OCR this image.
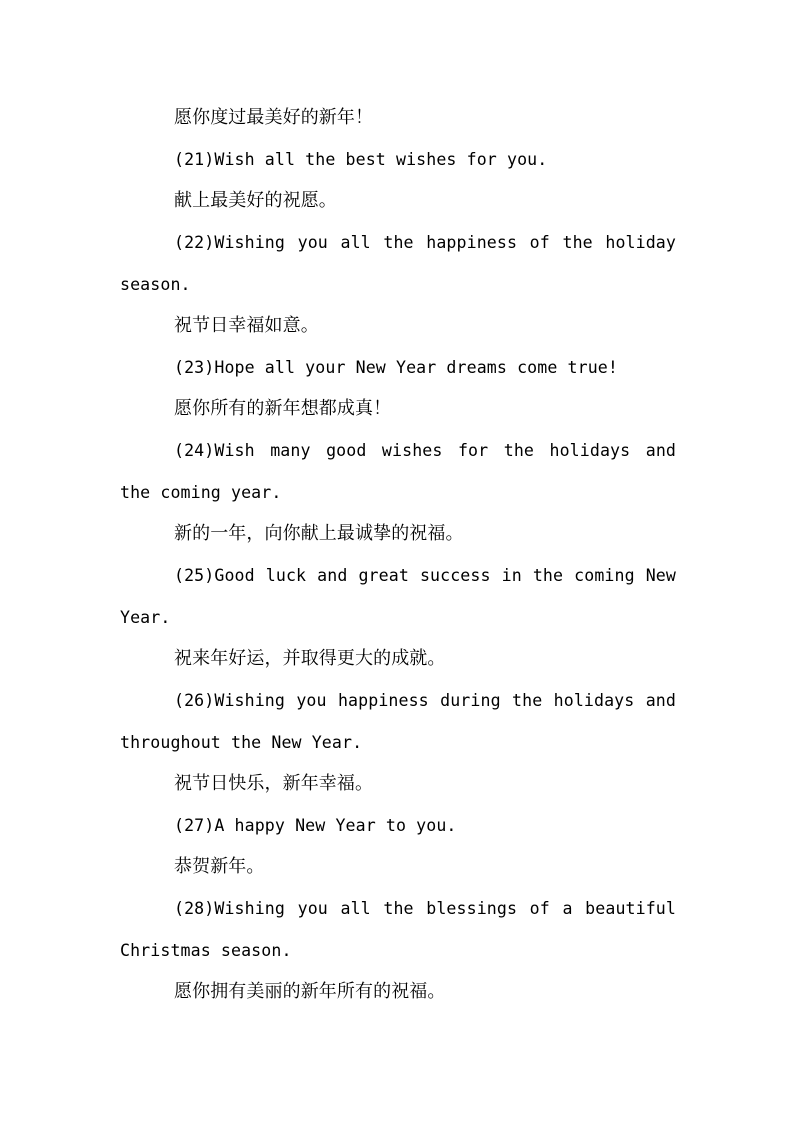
愿你度过最美好的新年！

(21)Wish all the best wishes for you.

献上最美好的祝愿。

(22)Wishing you all the happiness of the holiday season.

祝节日幸福如意。

(23)Hope all your New Year dreams come true!

愿你所有的新年想都成真！

(24)Wish many good wishes for the holidays and the coming year.

新的一年，向你献上最诚挚的祝福。

(25)Good luck and great success in the coming New Year.

祝来年好运，并取得更大的成就。

(26)Wishing you happiness during the holidays and throughout the New Year.

祝节日快乐，新年幸福。

(27)A happy New Year to you.

恭贺新年。

(28)Wishing you all the blessings of a beautiful Christmas season.

愿你拥有美丽的新年所有的祝福。
